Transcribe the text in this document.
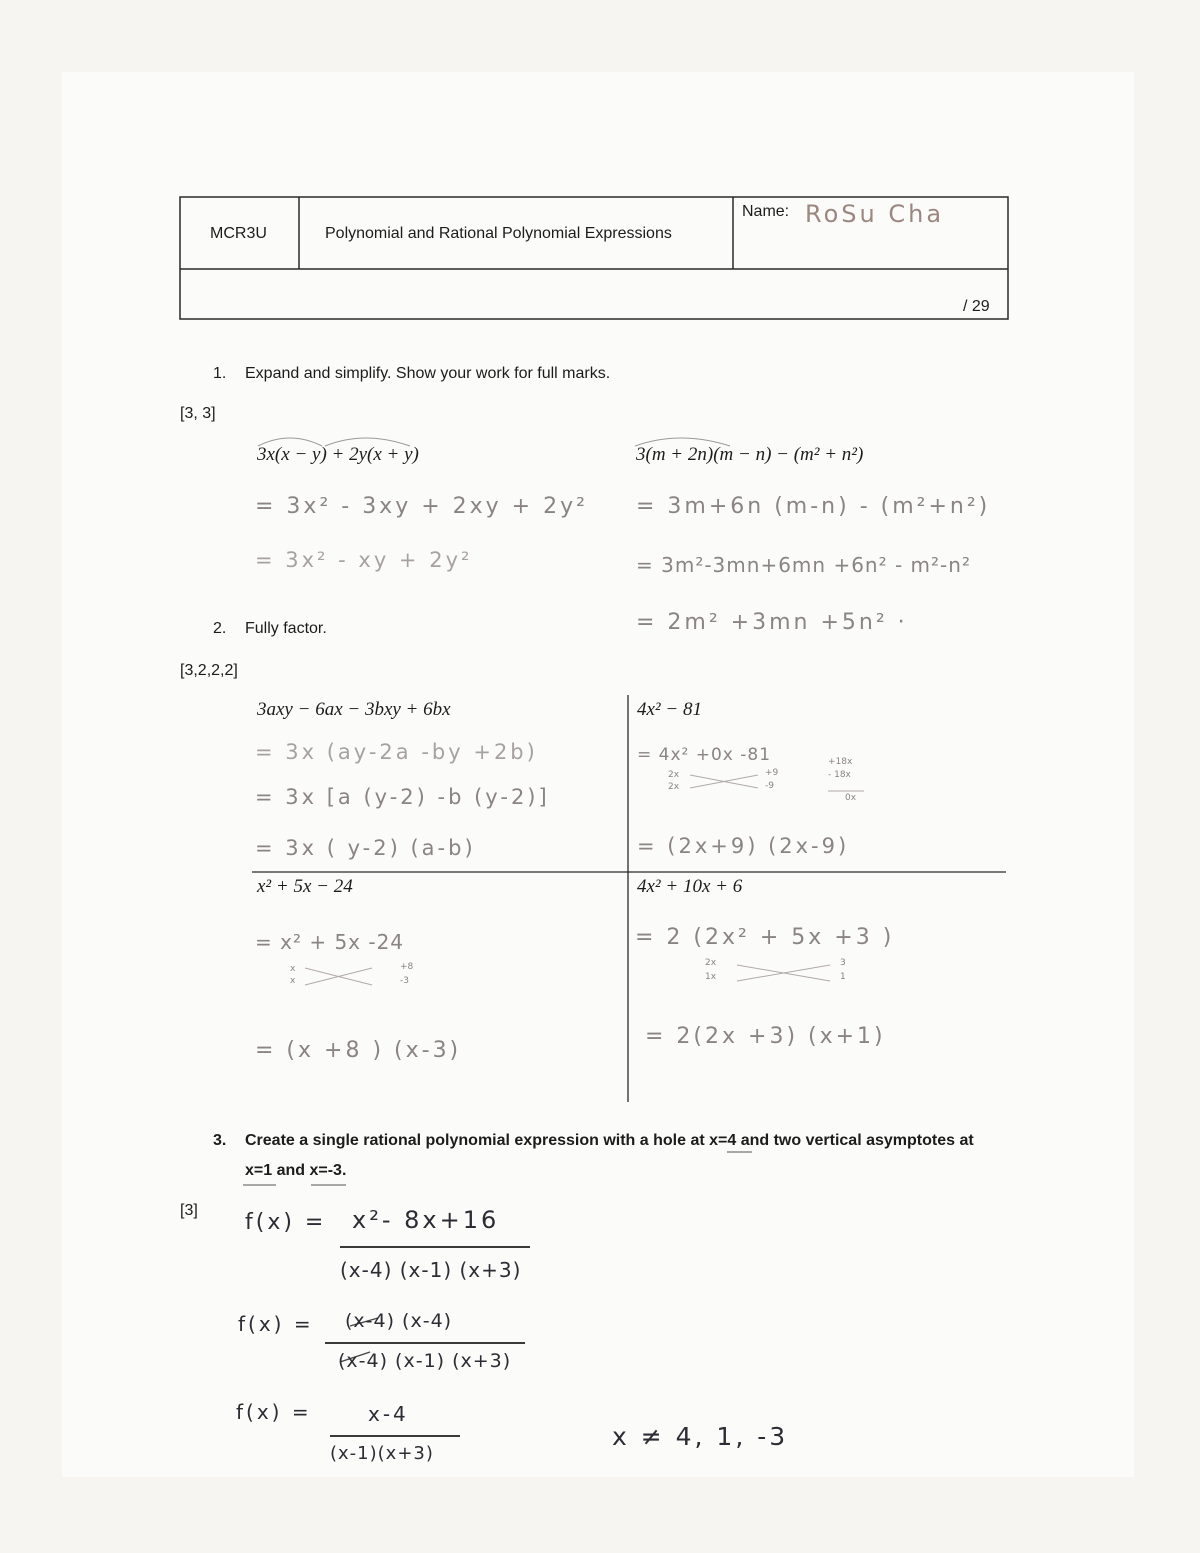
MCR3U	Polynomial and Rational Polynomial Expressions
Name: RoSu Cha
/ 29
1. Expand and simplify. Show your work for full marks.
[3, 3]
3x(x − y) + 2y(x + y)
= 3x² - 3xy + 2xy + 2y²
= 3x² - xy + 2y²
3(m + 2n)(m − n) − (m² + n²)
= 3m+6n (m-n) - (m²+n²)
= 3m²-3mn+6mn +6n² - m²-n²
= 2m² +3mn +5n² ·
2. Fully factor.
[3,2,2,2]
3axy − 6ax − 3bxy + 6bx
= 3x (ay-2a -by +2b)
= 3x [a (y-2) -b (y-2)]
= 3x ( y-2) (a-b)
4x² − 81
= 4x² +0x -81
2x
2x
+9
-9
+18x
- 18x
0x
= (2x+9) (2x-9)
x² + 5x − 24
= x² + 5x -24
x
x
+8
-3
= (x +8 ) (x-3)
4x² + 10x + 6
= 2 (2x² + 5x +3 )
2x
1x
3
1
= 2(2x +3) (x+1)
3. Create a single rational polynomial expression with a hole at x=4 and two vertical asymptotes at
x=1 and x=-3.
[3] f(x) = x²- 8x+16
(x-4) (x-1) (x+3)
f(x) = (x-4) (x-4)
(x-4) (x-1) (x+3)
f(x) =	x-4
(x-1)(x+3)
x ≠ 4, 1, -3
